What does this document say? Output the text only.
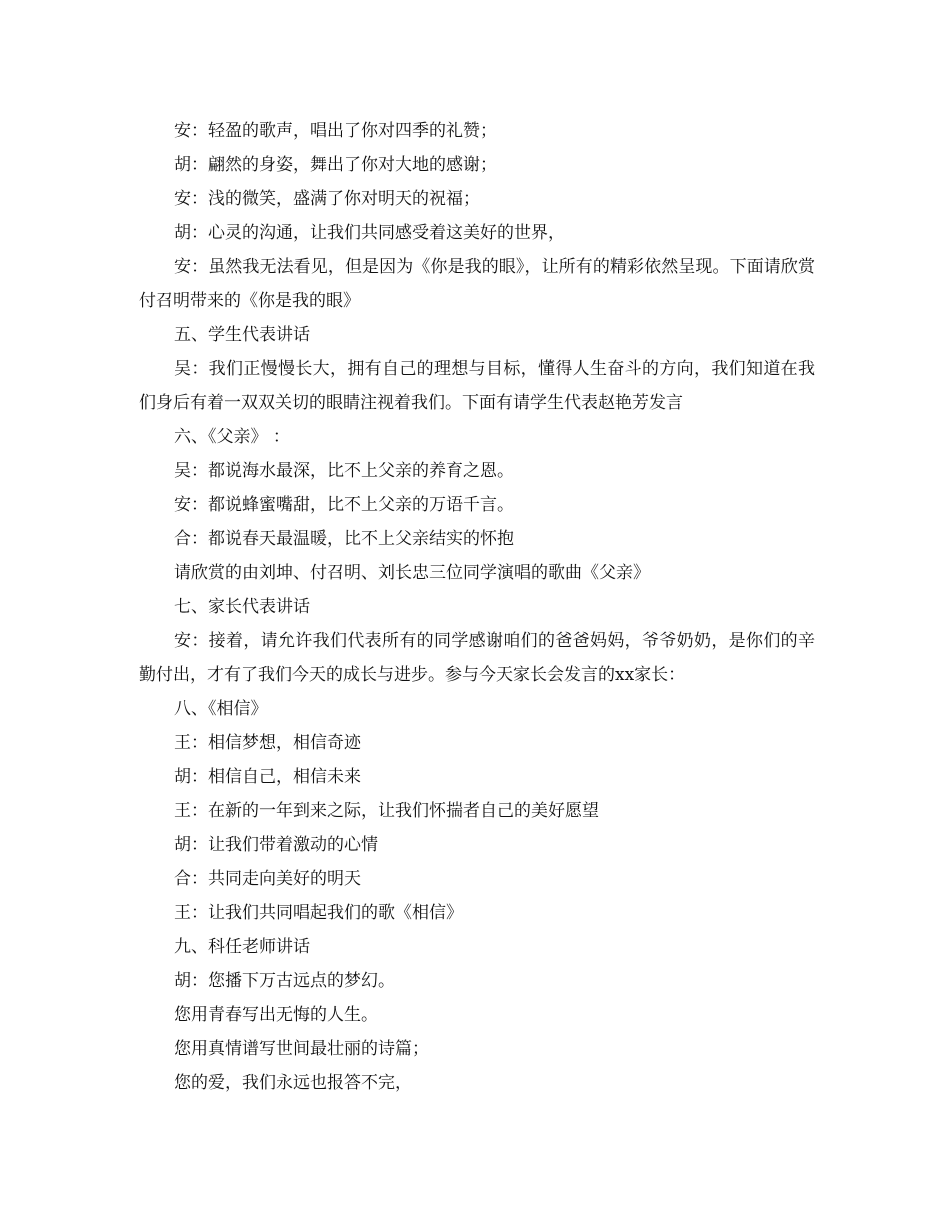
安：轻盈的歌声，唱出了你对四季的礼赞；

胡：翩然的身姿，舞出了你对大地的感谢；

安：浅的微笑，盛满了你对明天的祝福；

胡：心灵的沟通，让我们共同感受着这美好的世界，

安：虽然我无法看见，但是因为《你是我的眼》，让所有的精彩依然呈现。下面请欣赏付召明带来的《你是我的眼》

五、学生代表讲话

吴：我们正慢慢长大，拥有自己的理想与目标，懂得人生奋斗的方向，我们知道在我们身后有着一双双关切的眼睛注视着我们。下面有请学生代表赵艳芳发言

六、《父亲》 ：

吴：都说海水最深，比不上父亲的养育之恩。

安：都说蜂蜜嘴甜，比不上父亲的万语千言。

合：都说春天最温暖，比不上父亲结实的怀抱

请欣赏的由刘坤、付召明、刘长忠三位同学演唱的歌曲《父亲》

七、家长代表讲话

安：接着，请允许我们代表所有的同学感谢咱们的爸爸妈妈，爷爷奶奶，是你们的辛勤付出，才有了我们今天的成长与进步。参与今天家长会发言的xx家长：

八、《相信》

王：相信梦想，相信奇迹

胡：相信自己，相信未来

王：在新的一年到来之际，让我们怀揣者自己的美好愿望

胡：让我们带着激动的心情

合：共同走向美好的明天

王：让我们共同唱起我们的歌《相信》

九、科任老师讲话

胡：您播下万古远点的梦幻。

您用青春写出无悔的人生。

您用真情谱写世间最壮丽的诗篇；

您的爱，我们永远也报答不完，
